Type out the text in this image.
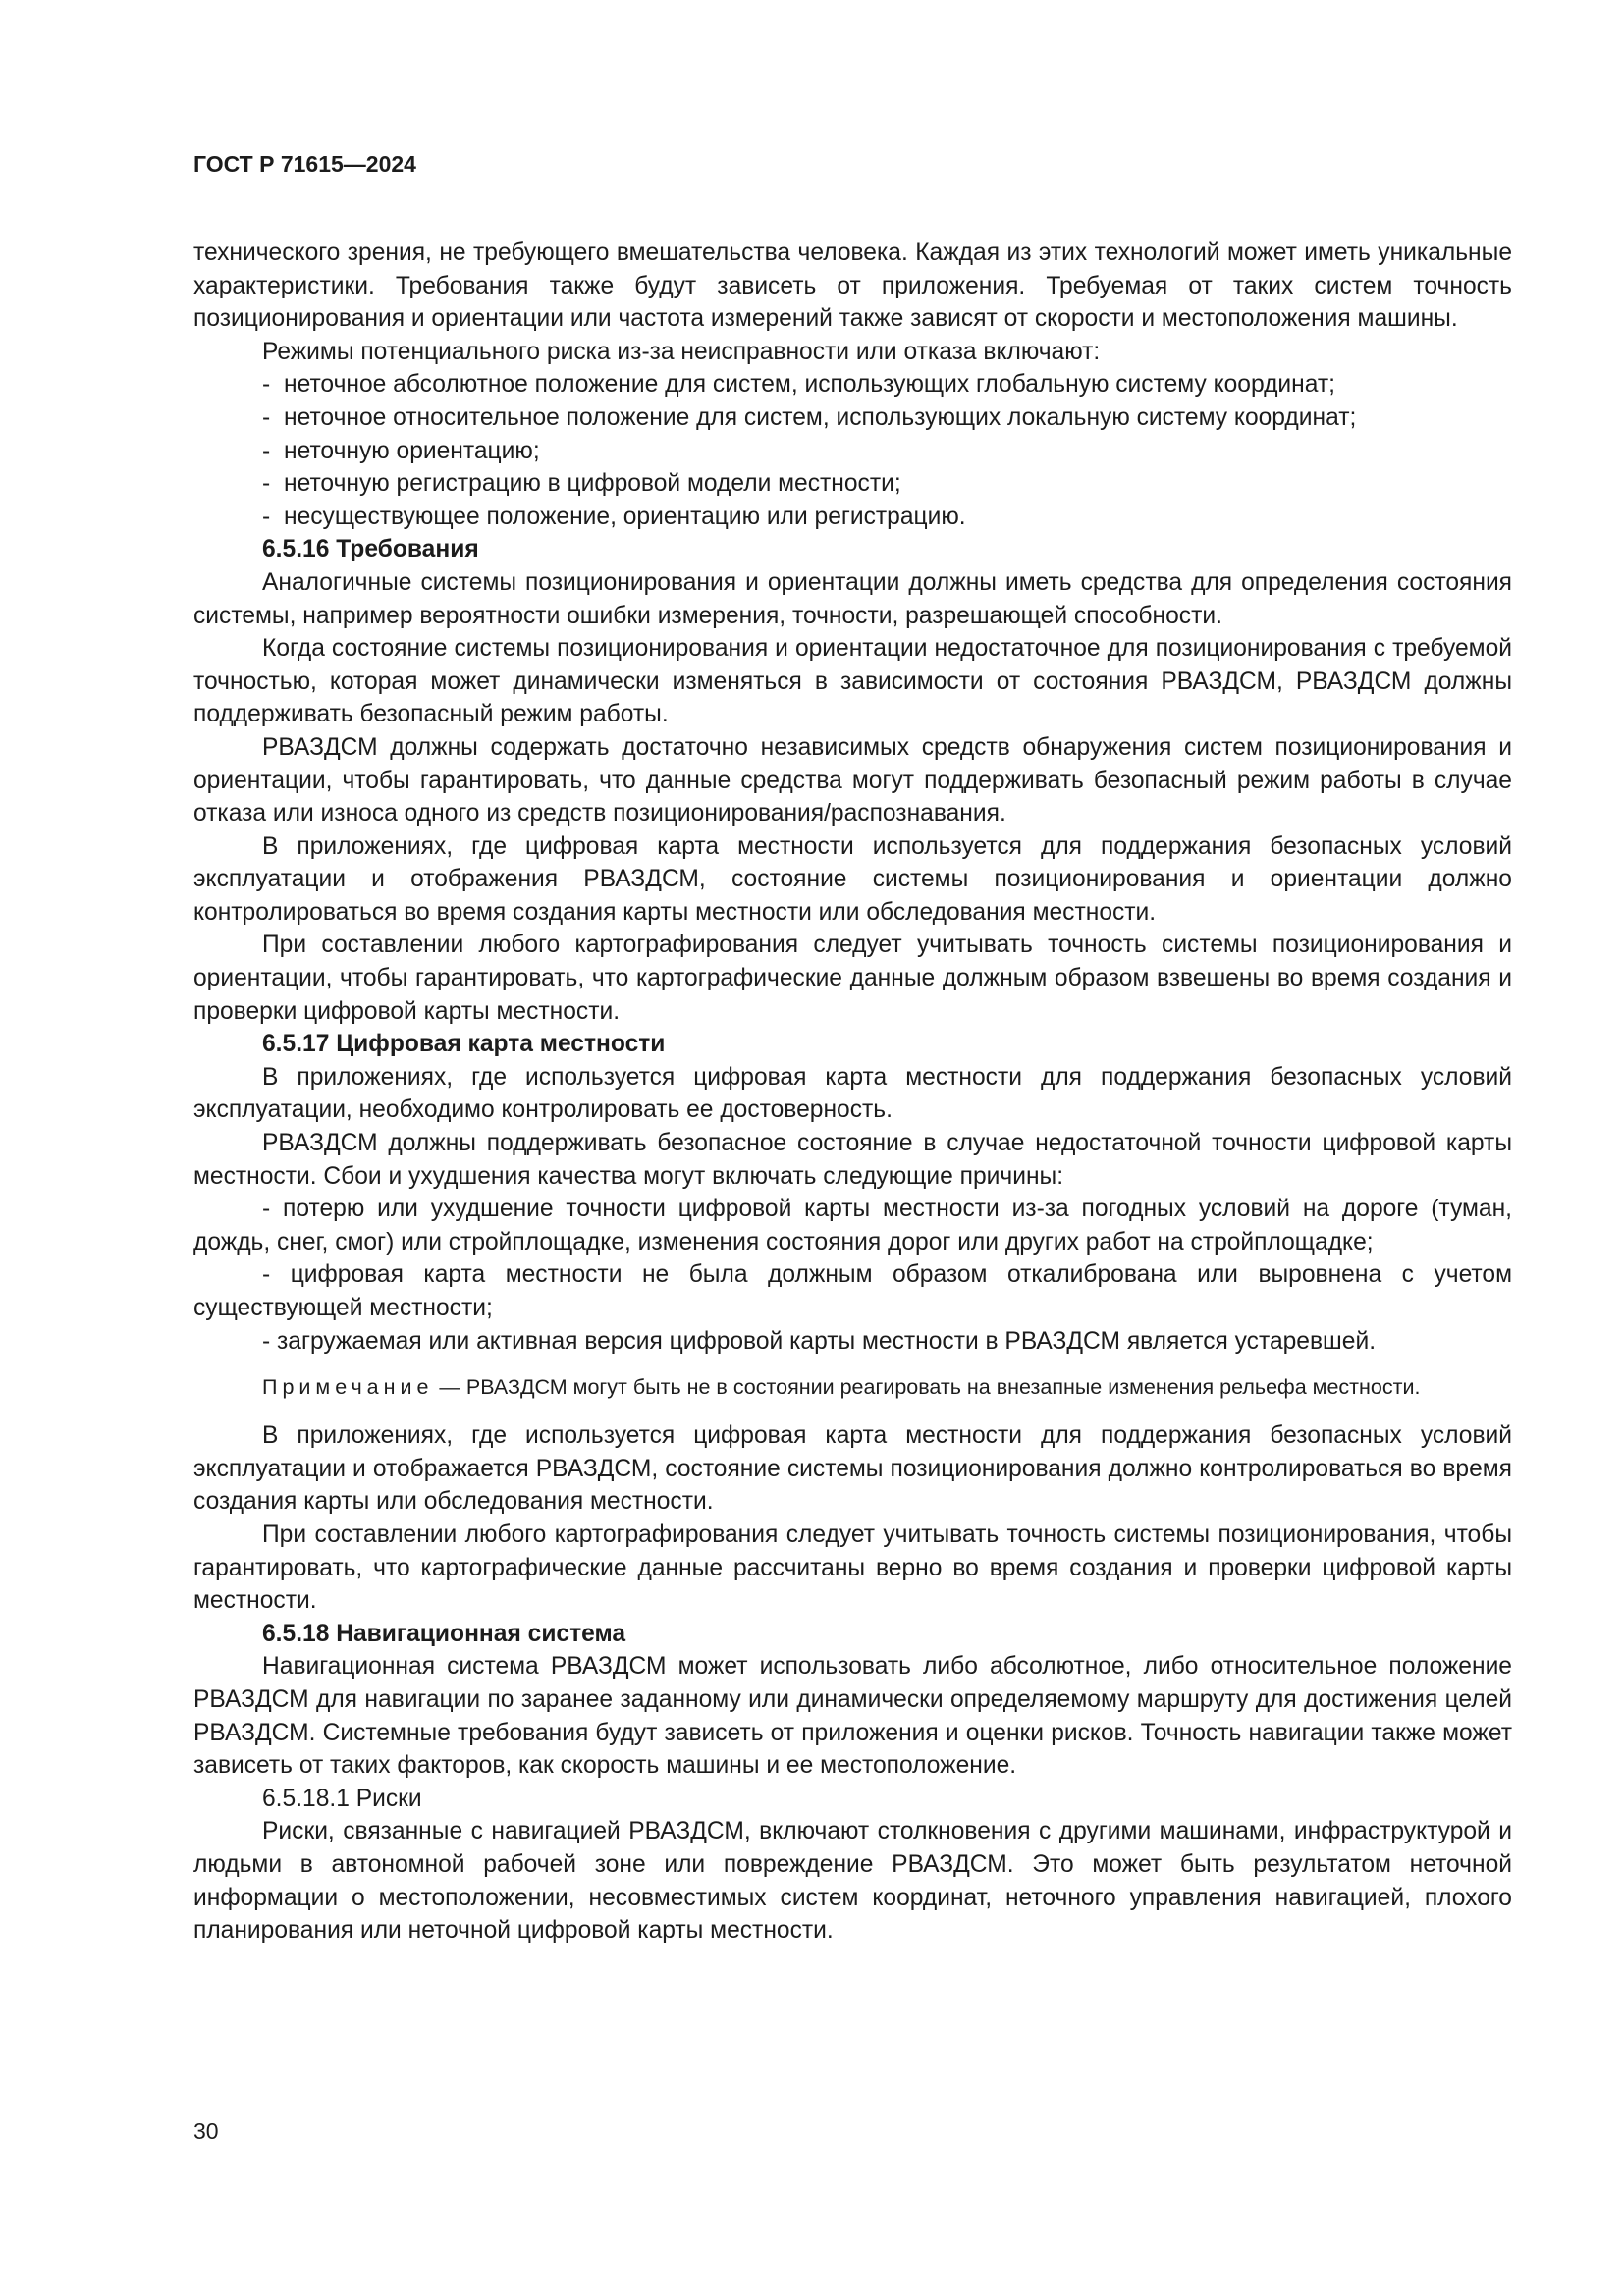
ГОСТ Р 71615—2024

технического зрения, не требующего вмешательства человека. Каждая из этих технологий может иметь уникальные характеристики. Требования также будут зависеть от приложения. Требуемая от таких систем точность позиционирования и ориентации или частота измерений также зависят от скорости и местоположения машины.

Режимы потенциального риска из-за неисправности или отказа включают:

- неточное абсолютное положение для систем, использующих глобальную систему координат;

- неточное относительное положение для систем, использующих локальную систему координат;

- неточную ориентацию;

- неточную регистрацию в цифровой модели местности;

- несуществующее положение, ориентацию или регистрацию.

6.5.16 Требования

Аналогичные системы позиционирования и ориентации должны иметь средства для определения состояния системы, например вероятности ошибки измерения, точности, разрешающей способности.

Когда состояние системы позиционирования и ориентации недостаточное для позиционирования с требуемой точностью, которая может динамически изменяться в зависимости от состояния РВАЗДСМ, РВАЗДСМ должны поддерживать безопасный режим работы.

РВАЗДСМ должны содержать достаточно независимых средств обнаружения систем позиционирования и ориентации, чтобы гарантировать, что данные средства могут поддерживать безопасный режим работы в случае отказа или износа одного из средств позиционирования/распознавания.

В приложениях, где цифровая карта местности используется для поддержания безопасных условий эксплуатации и отображения РВАЗДСМ, состояние системы позиционирования и ориентации должно контролироваться во время создания карты местности или обследования местности.

При составлении любого картографирования следует учитывать точность системы позиционирования и ориентации, чтобы гарантировать, что картографические данные должным образом взвешены во время создания и проверки цифровой карты местности.

6.5.17 Цифровая карта местности

В приложениях, где используется цифровая карта местности для поддержания безопасных условий эксплуатации, необходимо контролировать ее достоверность.

РВАЗДСМ должны поддерживать безопасное состояние в случае недостаточной точности цифровой карты местности. Сбои и ухудшения качества могут включать следующие причины:

- потерю или ухудшение точности цифровой карты местности из-за погодных условий на дороге (туман, дождь, снег, смог) или стройплощадке, изменения состояния дорог или других работ на стройплощадке;

- цифровая карта местности не была должным образом откалибрована или выровнена с учетом существующей местности;

- загружаемая или активная версия цифровой карты местности в РВАЗДСМ является устаревшей.

Примечание — РВАЗДСМ могут быть не в состоянии реагировать на внезапные изменения рельефа местности.

В приложениях, где используется цифровая карта местности для поддержания безопасных условий эксплуатации и отображается РВАЗДСМ, состояние системы позиционирования должно контролироваться во время создания карты или обследования местности.

При составлении любого картографирования следует учитывать точность системы позиционирования, чтобы гарантировать, что картографические данные рассчитаны верно во время создания и проверки цифровой карты местности.

6.5.18 Навигационная система

Навигационная система РВАЗДСМ может использовать либо абсолютное, либо относительное положение РВАЗДСМ для навигации по заранее заданному или динамически определяемому маршруту для достижения целей РВАЗДСМ. Системные требования будут зависеть от приложения и оценки рисков. Точность навигации также может зависеть от таких факторов, как скорость машины и ее местоположение.

6.5.18.1 Риски

Риски, связанные с навигацией РВАЗДСМ, включают столкновения с другими машинами, инфраструктурой и людьми в автономной рабочей зоне или повреждение РВАЗДСМ. Это может быть результатом неточной информации о местоположении, несовместимых систем координат, неточного управления навигацией, плохого планирования или неточной цифровой карты местности.

30
